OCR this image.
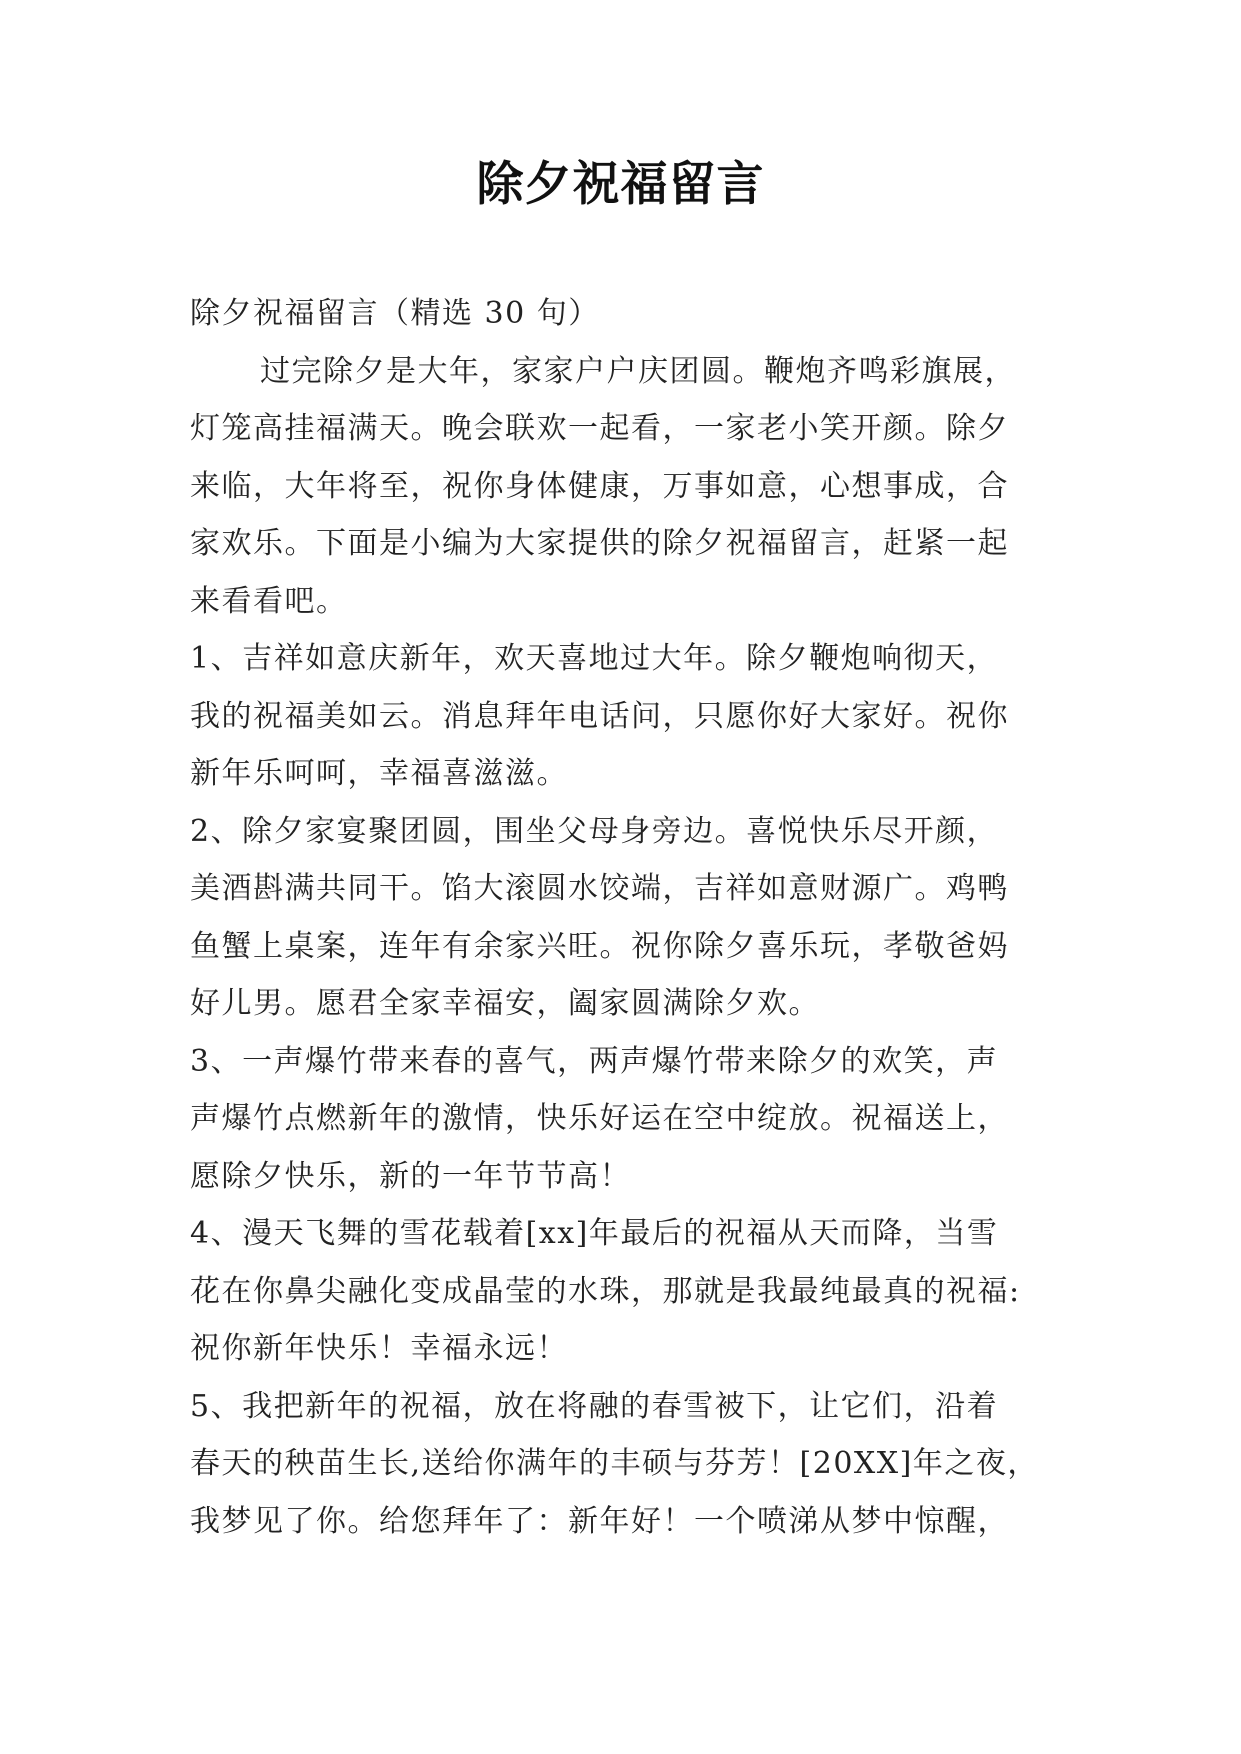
除夕祝福留言
除夕祝福留言（精选 30 句）
过完除夕是大年，家家户户庆团圆。鞭炮齐鸣彩旗展，
灯笼高挂福满天。晚会联欢一起看，一家老小笑开颜。除夕
来临，大年将至，祝你身体健康，万事如意，心想事成，合
家欢乐。下面是小编为大家提供的除夕祝福留言，赶紧一起
来看看吧。
1、吉祥如意庆新年，欢天喜地过大年。除夕鞭炮响彻天，
我的祝福美如云。消息拜年电话问，只愿你好大家好。祝你
新年乐呵呵，幸福喜滋滋。
2、除夕家宴聚团圆，围坐父母身旁边。喜悦快乐尽开颜，
美酒斟满共同干。馅大滚圆水饺端，吉祥如意财源广。鸡鸭
鱼蟹上桌案，连年有余家兴旺。祝你除夕喜乐玩，孝敬爸妈
好儿男。愿君全家幸福安，阖家圆满除夕欢。
3、一声爆竹带来春的喜气，两声爆竹带来除夕的欢笑，声
声爆竹点燃新年的激情，快乐好运在空中绽放。祝福送上，
愿除夕快乐，新的一年节节高！
4、漫天飞舞的雪花载着[xx]年最后的祝福从天而降，当雪
花在你鼻尖融化变成晶莹的水珠，那就是我最纯最真的祝福:
祝你新年快乐！幸福永远！
5、我把新年的祝福，放在将融的春雪被下，让它们，沿着
春天的秧苗生长,送给你满年的丰硕与芬芳！[20XX]年之夜，
我梦见了你。给您拜年了：新年好！一个喷涕从梦中惊醒，
